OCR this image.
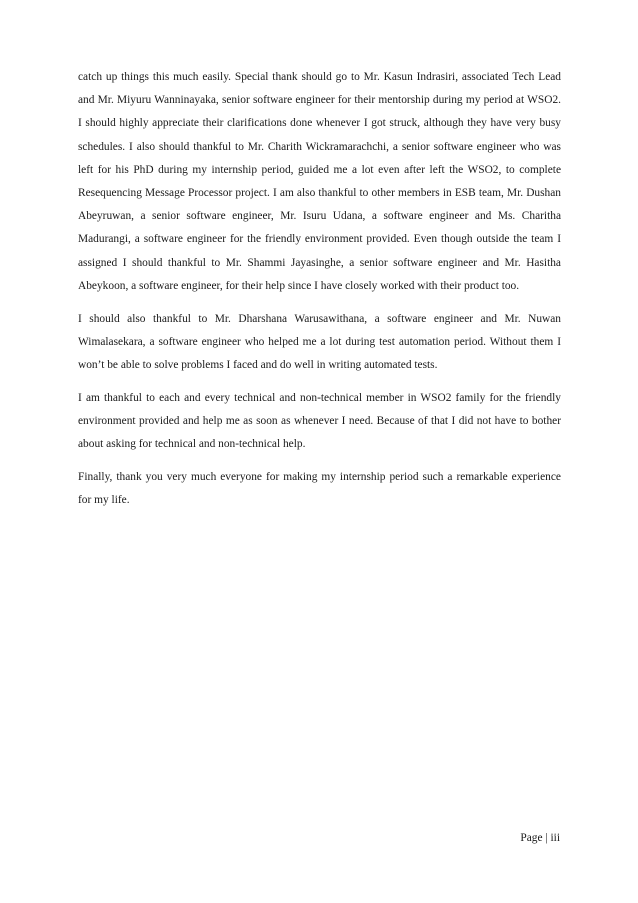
catch up things this much easily. Special thank should go to Mr. Kasun Indrasiri, associated Tech Lead and Mr. Miyuru Wanninayaka, senior software engineer for their mentorship during my period at WSO2. I should highly appreciate their clarifications done whenever I got struck, although they have very busy schedules. I also should thankful to Mr. Charith Wickramarachchi, a senior software engineer who was left for his PhD during my internship period, guided me a lot even after left the WSO2, to complete Resequencing Message Processor project. I am also thankful to other members in ESB team, Mr. Dushan Abeyruwan, a senior software engineer, Mr. Isuru Udana, a software engineer and Ms. Charitha Madurangi, a software engineer for the friendly environment provided. Even though outside the team I assigned I should thankful to Mr. Shammi Jayasinghe, a senior software engineer and Mr. Hasitha Abeykoon, a software engineer, for their help since I have closely worked with their product too.

I should also thankful to Mr. Dharshana Warusawithana, a software engineer and Mr. Nuwan Wimalasekara, a software engineer who helped me a lot during test automation period. Without them I won’t be able to solve problems I faced and do well in writing automated tests.

I am thankful to each and every technical and non-technical member in WSO2 family for the friendly environment provided and help me as soon as whenever I need. Because of that I did not have to bother about asking for technical and non-technical help.

Finally, thank you very much everyone for making my internship period such a remarkable experience for my life.

Page | iii
